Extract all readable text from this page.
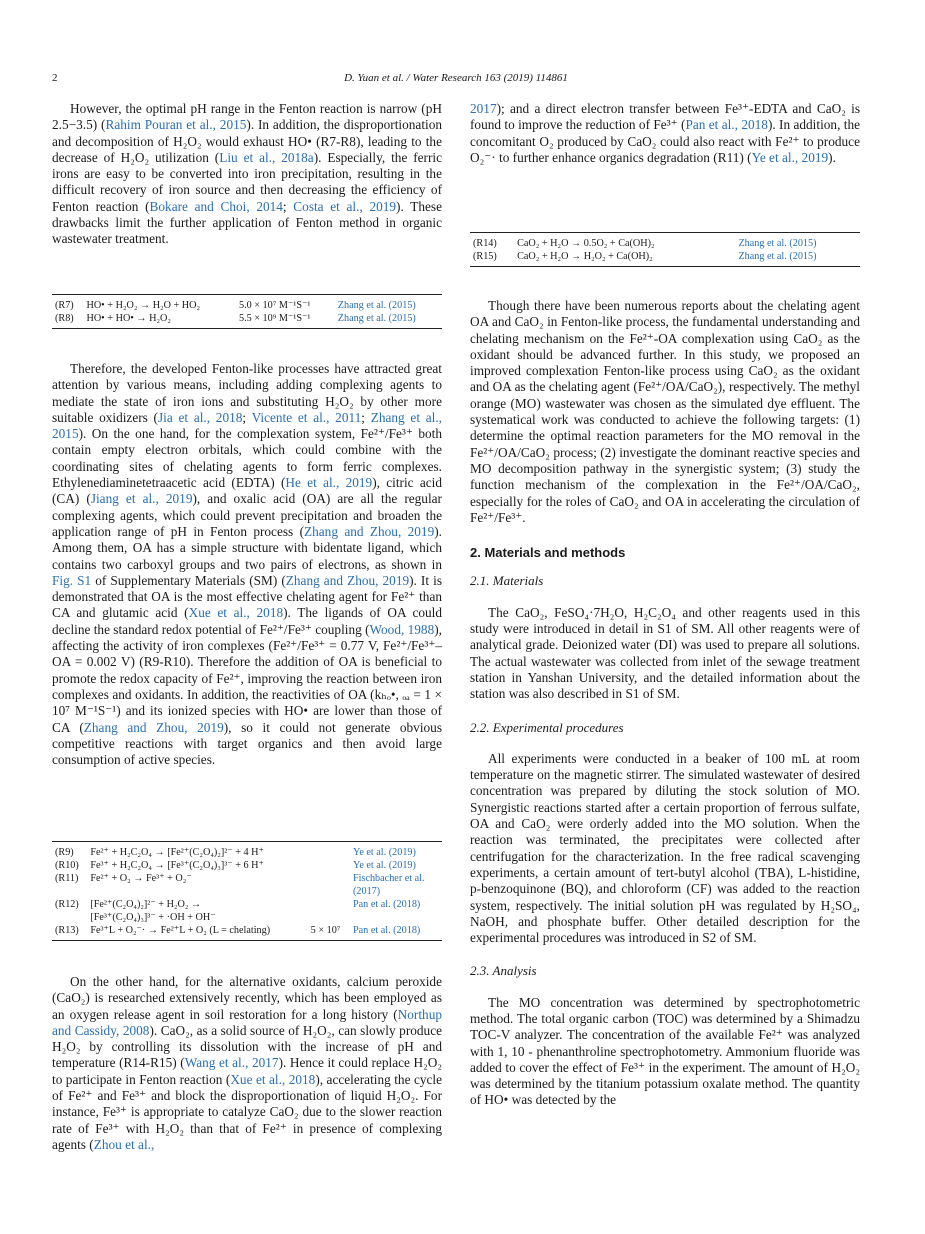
2	D. Yuan et al. / Water Research 163 (2019) 114861

However, the optimal pH range in the Fenton reaction is narrow (pH 2.5−3.5) (Rahim Pouran et al., 2015). In addition, the disproportionation and decomposition of H₂O₂ would exhaust HO• (R7-R8), leading to the decrease of H₂O₂ utilization (Liu et al., 2018a). Especially, the ferric irons are easy to be converted into iron precipitation, resulting in the difficult recovery of iron source and then decreasing the efficiency of Fenton reaction (Bokare and Choi, 2014; Costa et al., 2019). These drawbacks limit the further application of Fenton method in organic wastewater treatment.

(R7)	HO• + H₂O₂ → H₂O + HO₂	5.0 × 10⁷ M⁻¹S⁻¹	Zhang et al. (2015)
(R8)	HO• + HO• → H₂O₂	5.5 × 10⁹ M⁻¹S⁻¹	Zhang et al. (2015)

Therefore, the developed Fenton-like processes have attracted great attention by various means, including adding complexing agents to mediate the state of iron ions and substituting H₂O₂ by other more suitable oxidizers (Jia et al., 2018; Vicente et al., 2011; Zhang et al., 2015). On the one hand, for the complexation system, Fe²⁺/Fe³⁺ both contain empty electron orbitals, which could combine with the coordinating sites of chelating agents to form ferric complexes. Ethylenediaminetetraacetic acid (EDTA) (He et al., 2019), citric acid (CA) (Jiang et al., 2019), and oxalic acid (OA) are all the regular complexing agents, which could prevent precipitation and broaden the application range of pH in Fenton process (Zhang and Zhou, 2019). Among them, OA has a simple structure with bidentate ligand, which contains two carboxyl groups and two pairs of electrons, as shown in Fig. S1 of Supplementary Materials (SM) (Zhang and Zhou, 2019). It is demonstrated that OA is the most effective chelating agent for Fe²⁺ than CA and glutamic acid (Xue et al., 2018). The ligands of OA could decline the standard redox potential of Fe²⁺/Fe³⁺ coupling (Wood, 1988), affecting the activity of iron complexes (Fe²⁺/Fe³⁺ = 0.77 V, Fe²⁺/Fe³⁺–OA = 0.002 V) (R9-R10). Therefore the addition of OA is beneficial to promote the redox capacity of Fe²⁺, improving the reaction between iron complexes and oxidants. In addition, the reactivities of OA (kₕₒ•, ₒₐ = 1 × 10⁷ M⁻¹S⁻¹) and its ionized species with HO• are lower than those of CA (Zhang and Zhou, 2019), so it could not generate obvious competitive reactions with target organics and then avoid large consumption of active species.

(R9)	Fe²⁺ + H₂C₂O₄ → [Fe²⁺(C₂O₄)₂]²⁻ + 4 H⁺		Ye et al. (2019)
(R10)	Fe³⁺ + H₂C₂O₄ → [Fe³⁺(C₂O₄)₃]³⁻ + 6 H⁺		Ye et al. (2019)
(R11)	Fe²⁺ + O₂ → Fe³⁺ + O₂⁻		Fischbacher et al.
			(2017)
(R12)	[Fe²⁺(C₂O₄)₂]²⁻ + H₂O₂ →		Pan et al. (2018)
	[Fe³⁺(C₂O₄)₃]³⁻ + ·OH + OH⁻		
(R13)	Fe³⁺L + O₂⁻· → Fe²⁺L + O₂ (L = chelating)	5 × 10⁷	Pan et al. (2018)

On the other hand, for the alternative oxidants, calcium peroxide (CaO₂) is researched extensively recently, which has been employed as an oxygen release agent in soil restoration for a long history (Northup and Cassidy, 2008). CaO₂, as a solid source of H₂O₂, can slowly produce H₂O₂ by controlling its dissolution with the increase of pH and temperature (R14-R15) (Wang et al., 2017). Hence it could replace H₂O₂ to participate in Fenton reaction (Xue et al., 2018), accelerating the cycle of Fe²⁺ and Fe³⁺ and block the disproportionation of liquid H₂O₂. For instance, Fe³⁺ is appropriate to catalyze CaO₂ due to the slower reaction rate of Fe³⁺ with H₂O₂ than that of Fe²⁺ in presence of complexing agents (Zhou et al.,

2017); and a direct electron transfer between Fe³⁺-EDTA and CaO₂ is found to improve the reduction of Fe³⁺ (Pan et al., 2018). In addition, the concomitant O₂ produced by CaO₂ could also react with Fe²⁺ to produce O₂⁻· to further enhance organics degradation (R11) (Ye et al., 2019).

(R14)	CaO₂ + H₂O → 0.5O₂ + Ca(OH)₂		Zhang et al. (2015)
(R15)	CaO₂ + H₂O → H₂O₂ + Ca(OH)₂		Zhang et al. (2015)

Though there have been numerous reports about the chelating agent OA and CaO₂ in Fenton-like process, the fundamental understanding and chelating mechanism on the Fe²⁺-OA complexation using CaO₂ as the oxidant should be advanced further. In this study, we proposed an improved complexation Fenton-like process using CaO₂ as the oxidant and OA as the chelating agent (Fe²⁺/OA/CaO₂), respectively. The methyl orange (MO) wastewater was chosen as the simulated dye effluent. The systematical work was conducted to achieve the following targets: (1) determine the optimal reaction parameters for the MO removal in the Fe²⁺/OA/CaO₂ process; (2) investigate the dominant reactive species and MO decomposition pathway in the synergistic system; (3) study the function mechanism of the complexation in the Fe²⁺/OA/CaO₂, especially for the roles of CaO₂ and OA in accelerating the circulation of Fe²⁺/Fe³⁺.

2. Materials and methods
2.1. Materials

The CaO₂, FeSO₄·7H₂O, H₂C₂O₄ and other reagents used in this study were introduced in detail in S1 of SM. All other reagents were of analytical grade. Deionized water (DI) was used to prepare all solutions. The actual wastewater was collected from inlet of the sewage treatment station in Yanshan University, and the detailed information about the station was also described in S1 of SM.

2.2. Experimental procedures

All experiments were conducted in a beaker of 100 mL at room temperature on the magnetic stirrer. The simulated wastewater of desired concentration was prepared by diluting the stock solution of MO. Synergistic reactions started after a certain proportion of ferrous sulfate, OA and CaO₂ were orderly added into the MO solution. When the reaction was terminated, the precipitates were collected after centrifugation for the characterization. In the free radical scavenging experiments, a certain amount of tert-butyl alcohol (TBA), L-histidine, p-benzoquinone (BQ), and chloroform (CF) was added to the reaction system, respectively. The initial solution pH was regulated by H₂SO₄, NaOH, and phosphate buffer. Other detailed description for the experimental procedures was introduced in S2 of SM.

2.3. Analysis

The MO concentration was determined by spectrophotometric method. The total organic carbon (TOC) was determined by a Shimadzu TOC-V analyzer. The concentration of the available Fe²⁺ was analyzed with 1, 10 - phenanthroline spectrophotometry. Ammonium fluoride was added to cover the effect of Fe³⁺ in the experiment. The amount of H₂O₂ was determined by the titanium potassium oxalate method. The quantity of HO• was detected by the
